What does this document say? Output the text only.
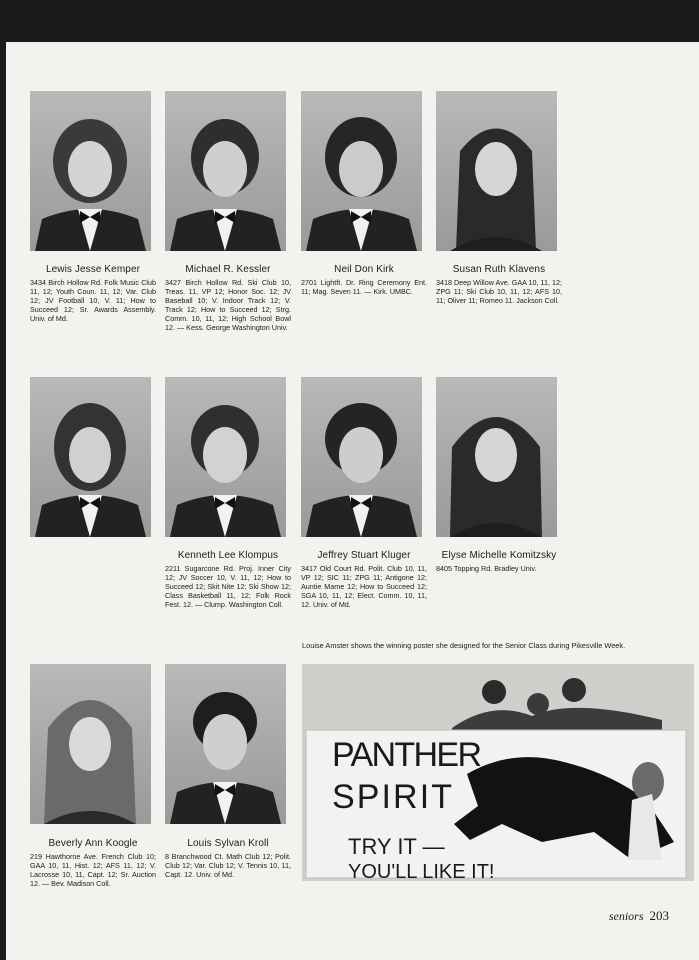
Lewis Jesse Kemper

3434 Birch Hollow Rd. Folk Music Club 11, 12; Youth Coun. 11, 12; Var. Club 12; JV Football 10, V. 11; How to Succeed 12; Sr. Awards Assembly. Univ. of Md.

Michael R. Kessler

3427 Birch Hollow Rd. Ski Club 10, Treas. 11, VP 12; Honor Soc. 12; JV Baseball 10; V. Indoor Track 12; V. Track 12; How to Succeed 12; Strg. Comm. 10, 11, 12; High School Bowl 12. — Kess. George Washington Univ.

Neil Don Kirk

2701 Lightft. Dr. Ring Ceremony Ent. 11; Mag. Seven 11. — Kirk. UMBC.

Susan Ruth Klavens

3418 Deep Willow Ave. GAA 10, 11, 12; ZPG 11; Ski Club 10, 11, 12; AFS 10, 11; Oliver 11; Romeo 11. Jackson Coll.

Kenneth Lee Klompus

2211 Sugarcone Rd. Proj. Inner City 12; JV Soccer 10, V. 11, 12; How to Succeed 12; Skit Nite 12; Ski Show 12; Class Basketball 11, 12; Folk Rock Fest. 12. — Clump. Washington Coll.

Jeffrey Stuart Kluger

3417 Old Court Rd. Polit. Club 10, 11, VP 12; SIC 11; ZPG 11; Antigone 12; Auntie Mame 12; How to Succeed 12; SGA 10, 11, 12; Elect. Comm. 10, 11, 12. Univ. of Md.

Elyse Michelle Komitzsky

8405 Topping Rd. Bradley Univ.

Beverly Ann Koogle

219 Hawthorne Ave. French Club 10; GAA 10, 11, Hist. 12; AFS 11, 12; V. Lacrosse 10, 11, Capt. 12; Sr. Auction 12. — Bev. Madison Coll.

Louis Sylvan Kroll

8 Branchwood Ct. Math Club 12; Polit. Club 12; Var. Club 12; V. Tennis 10, 11, Capt. 12. Univ. of Md.

Louise Amster shows the winning poster she designed for the Senior Class during Pikesville Week.

PANTHER
SPIRIT
TRY IT —
YOU'LL LIKE IT!
seniors 203
